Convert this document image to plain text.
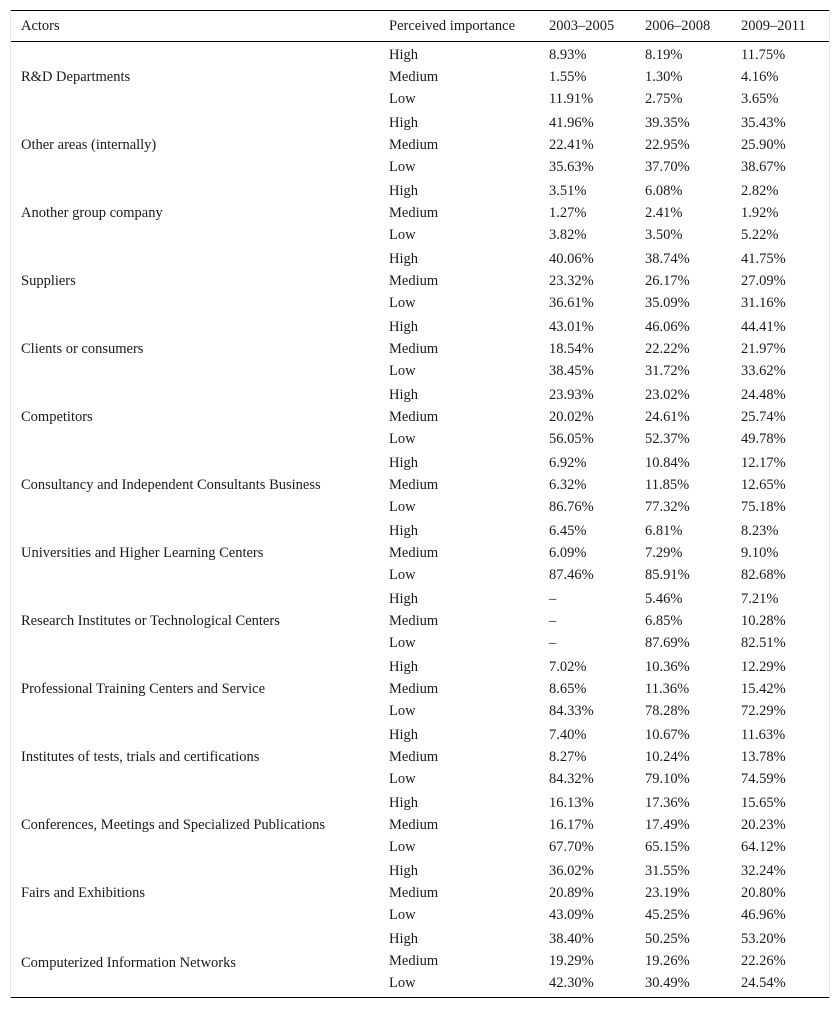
Actors	Perceived importance	2003–2005	2006–2008	2009–2011
R&D Departments	High	8.93%	8.19%	11.75%
	Medium	1.55%	1.30%	4.16%
	Low	11.91%	2.75%	3.65%
Other areas (internally)	High	41.96%	39.35%	35.43%
	Medium	22.41%	22.95%	25.90%
	Low	35.63%	37.70%	38.67%
Another group company	High	3.51%	6.08%	2.82%
	Medium	1.27%	2.41%	1.92%
	Low	3.82%	3.50%	5.22%
Suppliers	High	40.06%	38.74%	41.75%
	Medium	23.32%	26.17%	27.09%
	Low	36.61%	35.09%	31.16%
Clients or consumers	High	43.01%	46.06%	44.41%
	Medium	18.54%	22.22%	21.97%
	Low	38.45%	31.72%	33.62%
Competitors	High	23.93%	23.02%	24.48%
	Medium	20.02%	24.61%	25.74%
	Low	56.05%	52.37%	49.78%
Consultancy and Independent Consultants Business	High	6.92%	10.84%	12.17%
	Medium	6.32%	11.85%	12.65%
	Low	86.76%	77.32%	75.18%
Universities and Higher Learning Centers	High	6.45%	6.81%	8.23%
	Medium	6.09%	7.29%	9.10%
	Low	87.46%	85.91%	82.68%
Research Institutes or Technological Centers	High	–	5.46%	7.21%
	Medium	–	6.85%	10.28%
	Low	–	87.69%	82.51%
Professional Training Centers and Service	High	7.02%	10.36%	12.29%
	Medium	8.65%	11.36%	15.42%
	Low	84.33%	78.28%	72.29%
Institutes of tests, trials and certifications	High	7.40%	10.67%	11.63%
	Medium	8.27%	10.24%	13.78%
	Low	84.32%	79.10%	74.59%
Conferences, Meetings and Specialized Publications	High	16.13%	17.36%	15.65%
	Medium	16.17%	17.49%	20.23%
	Low	67.70%	65.15%	64.12%
Fairs and Exhibitions	High	36.02%	31.55%	32.24%
	Medium	20.89%	23.19%	20.80%
	Low	43.09%	45.25%	46.96%
Computerized Information Networks	High	38.40%	50.25%	53.20%
	Medium	19.29%	19.26%	22.26%
	Low	42.30%	30.49%	24.54%
